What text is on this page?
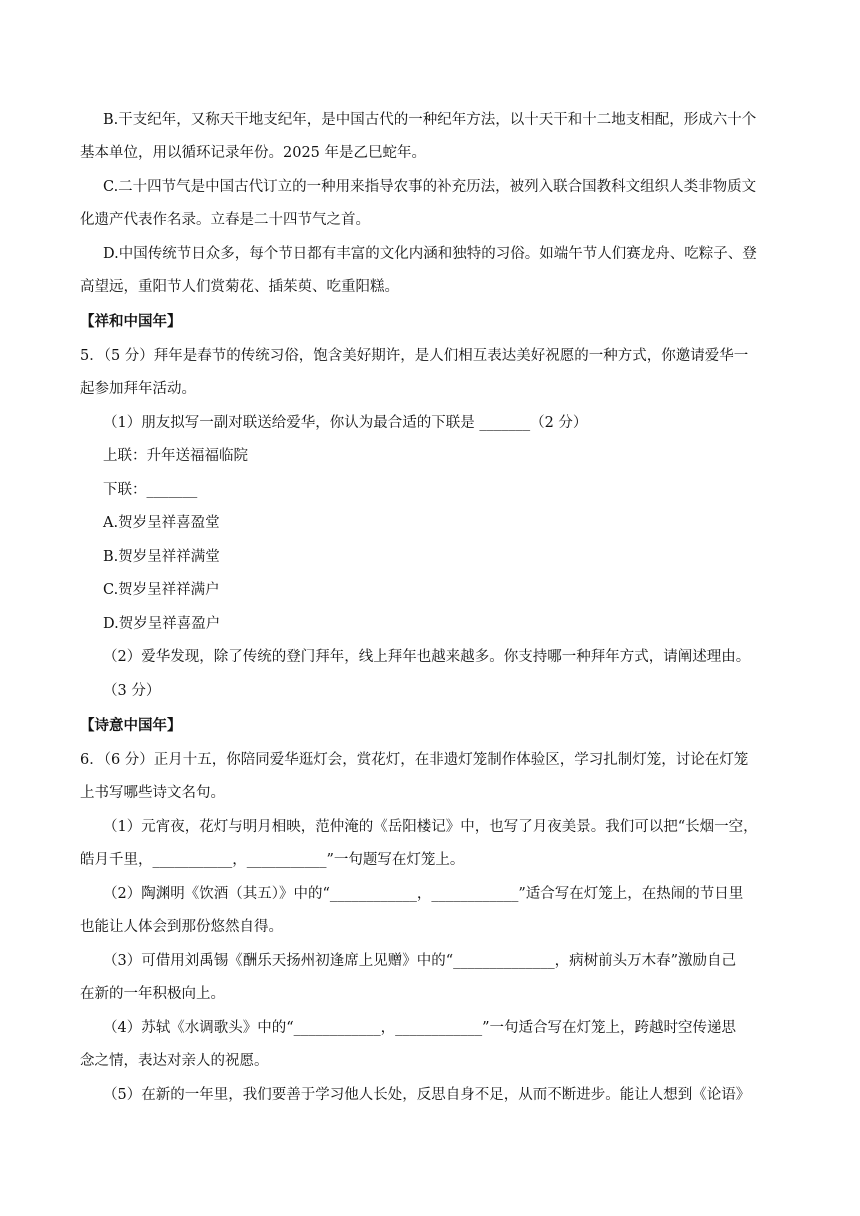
B.干支纪年，又称天干地支纪年，是中国古代的一种纪年方法，以十天干和十二地支相配，形成六十个
基本单位，用以循环记录年份。2025 年是乙巳蛇年。
C.二十四节气是中国古代订立的一种用来指导农事的补充历法，被列入联合国教科文组织人类非物质文
化遗产代表作名录。立春是二十四节气之首。
D.中国传统节日众多，每个节日都有丰富的文化内涵和独特的习俗。如端午节人们赛龙舟、吃粽子、登
高望远，重阳节人们赏菊花、插茱萸、吃重阳糕。
【祥和中国年】
5．（5 分）拜年是春节的传统习俗，饱含美好期许，是人们相互表达美好祝愿的一种方式，你邀请爱华一
起参加拜年活动。
（1）朋友拟写一副对联送给爱华，你认为最合适的下联是 _______（2 分）
上联：升年送福福临院
下联：_______
A.贺岁呈祥喜盈堂
B.贺岁呈祥祥满堂
C.贺岁呈祥祥满户
D.贺岁呈祥喜盈户
（2）爱华发现，除了传统的登门拜年，线上拜年也越来越多。你支持哪一种拜年方式，请阐述理由。
（3 分）
【诗意中国年】
6．（6 分）正月十五，你陪同爱华逛灯会，赏花灯，在非遗灯笼制作体验区，学习扎制灯笼，讨论在灯笼
上书写哪些诗文名句。
（1）元宵夜，花灯与明月相映，范仲淹的《岳阳楼记》中，也写了月夜美景。我们可以把“长烟一空，
皓月千里，___________，___________”一句题写在灯笼上。
（2）陶渊明《饮酒（其五）》中的“____________，____________”适合写在灯笼上，在热闹的节日里
也能让人体会到那份悠然自得。
（3）可借用刘禹锡《酬乐天扬州初逢席上见赠》中的“______________，病树前头万木春”激励自己
在新的一年积极向上。
（4）苏轼《水调歌头》中的“____________，____________”一句适合写在灯笼上，跨越时空传递思
念之情，表达对亲人的祝愿。
（5）在新的一年里，我们要善于学习他人长处，反思自身不足，从而不断进步。能让人想到《论语》
